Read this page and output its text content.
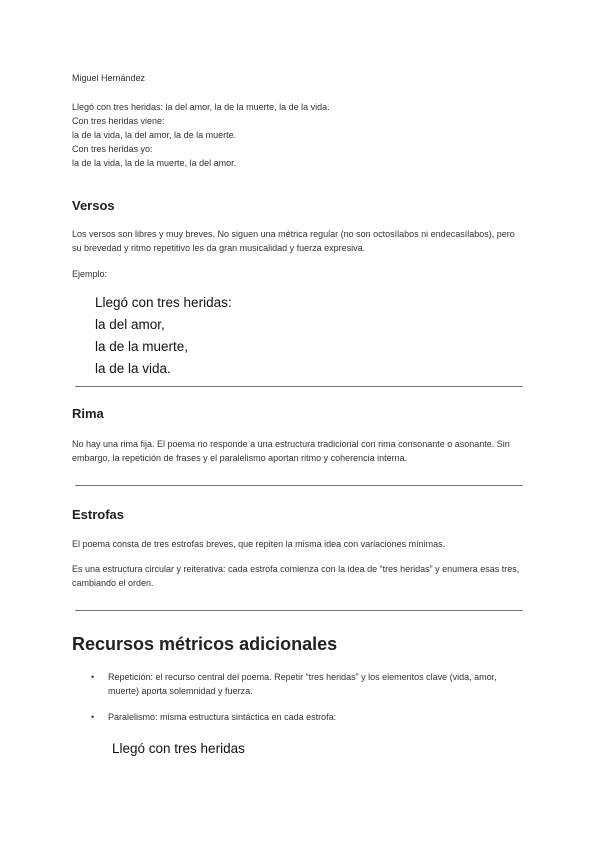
Miguel Hernández

Llegó con tres heridas: la del amor, la de la muerte, la de la vida.
Con tres heridas viene:
la de la vida, la del amor, la de la muerte.
Con tres heridas yo:
la de la vida, la de la muerte, la del amor.
Versos

Los versos son libres y muy breves. No siguen una métrica regular (no son octosílabos ni endecasílabos), pero su brevedad y ritmo repetitivo les da gran musicalidad y fuerza expresiva.

Ejemplo:

Llegó con tres heridas:
la del amor,
la de la muerte,
la de la vida.
Rima

No hay una rima fija. El poema no responde a una estructura tradicional con rima consonante o asonante. Sin embargo, la repetición de frases y el paralelismo aportan ritmo y coherencia interna.

Estrofas

El poema consta de tres estrofas breves, que repiten la misma idea con variaciones mínimas.

Es una estructura circular y reiterativa: cada estrofa comienza con la idea de “tres heridas” y enumera esas tres, cambiando el orden.

Recursos métricos adicionales
• Repetición: el recurso central del poema. Repetir “tres heridas” y los elementos clave (vida, amor, muerte) aporta solemnidad y fuerza.
• Paralelismo: misma estructura sintáctica en cada estrofa:
Llegó con tres heridas
